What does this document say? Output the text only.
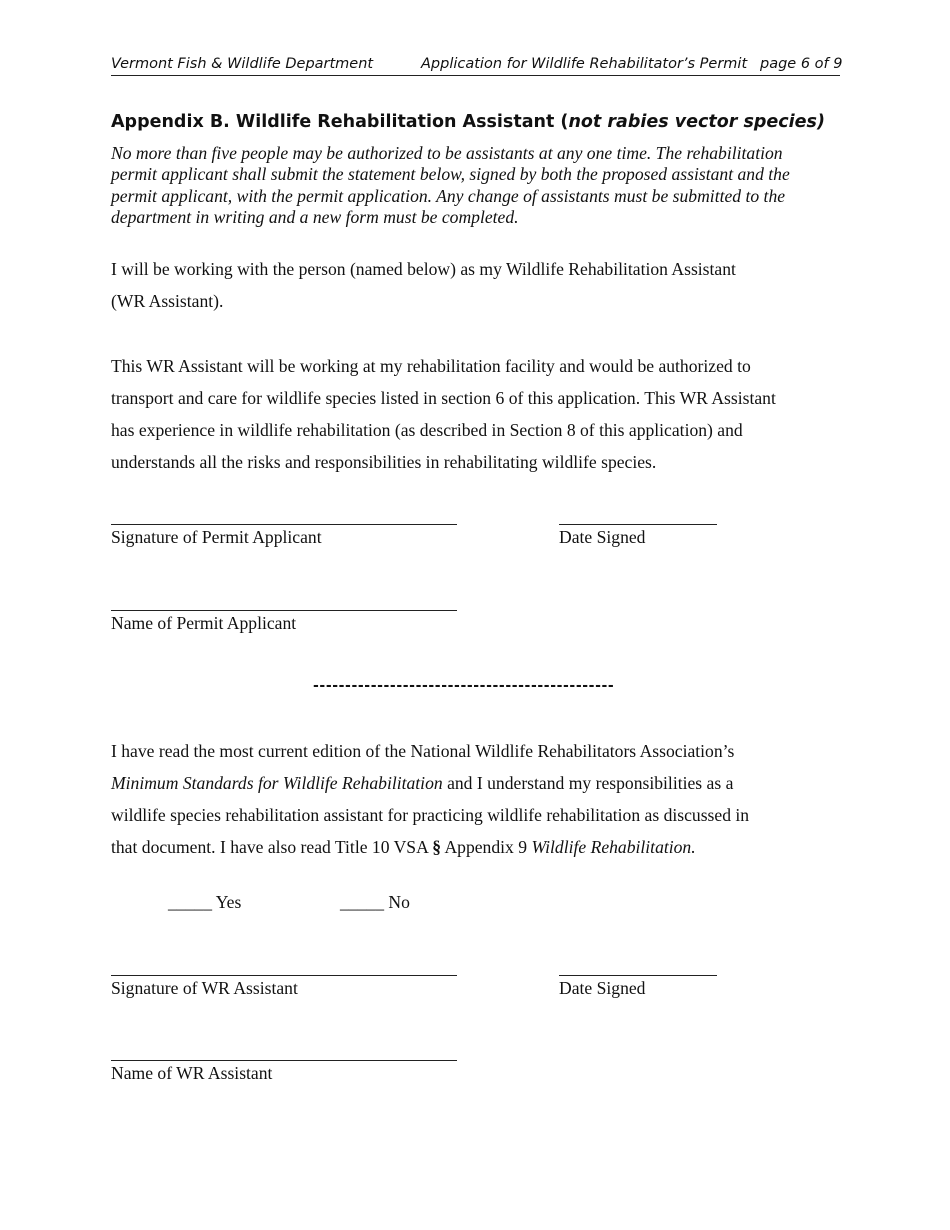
Vermont Fish & Wildlife Department	Application for Wildlife Rehabilitator’s Permit page 6 of 9
Appendix B. Wildlife Rehabilitation Assistant (not rabies vector species)
No more than five people may be authorized to be assistants at any one time. The rehabilitation
permit applicant shall submit the statement below, signed by both the proposed assistant and the
permit applicant, with the permit application. Any change of assistants must be submitted to the
department in writing and a new form must be completed.
I will be working with the person (named below) as my Wildlife Rehabilitation Assistant
(WR Assistant).
This WR Assistant will be working at my rehabilitation facility and would be authorized to
transport and care for wildlife species listed in section 6 of this application. This WR Assistant
has experience in wildlife rehabilitation (as described in Section 8 of this application) and
understands all the risks and responsibilities in rehabilitating wildlife species.
Signature of Permit Applicant	Date Signed
Name of Permit Applicant
-----------------------------------------------
I have read the most current edition of the National Wildlife Rehabilitators Association’s
Minimum Standards for Wildlife Rehabilitation and I understand my responsibilities as a
wildlife species rehabilitation assistant for practicing wildlife rehabilitation as discussed in
that document. I have also read Title 10 VSA § Appendix 9 Wildlife Rehabilitation.
_____ Yes	_____ No
Signature of WR Assistant	Date Signed
Name of WR Assistant
